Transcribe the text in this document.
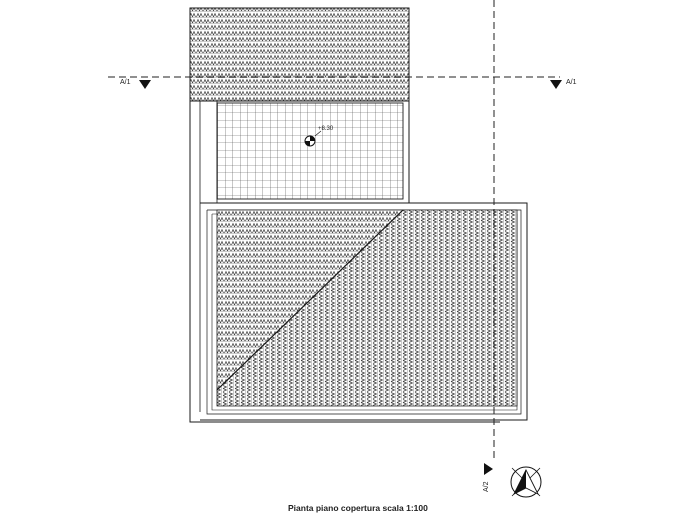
A/1	A/1
A/2
+8.30
Pianta piano copertura scala 1:100
